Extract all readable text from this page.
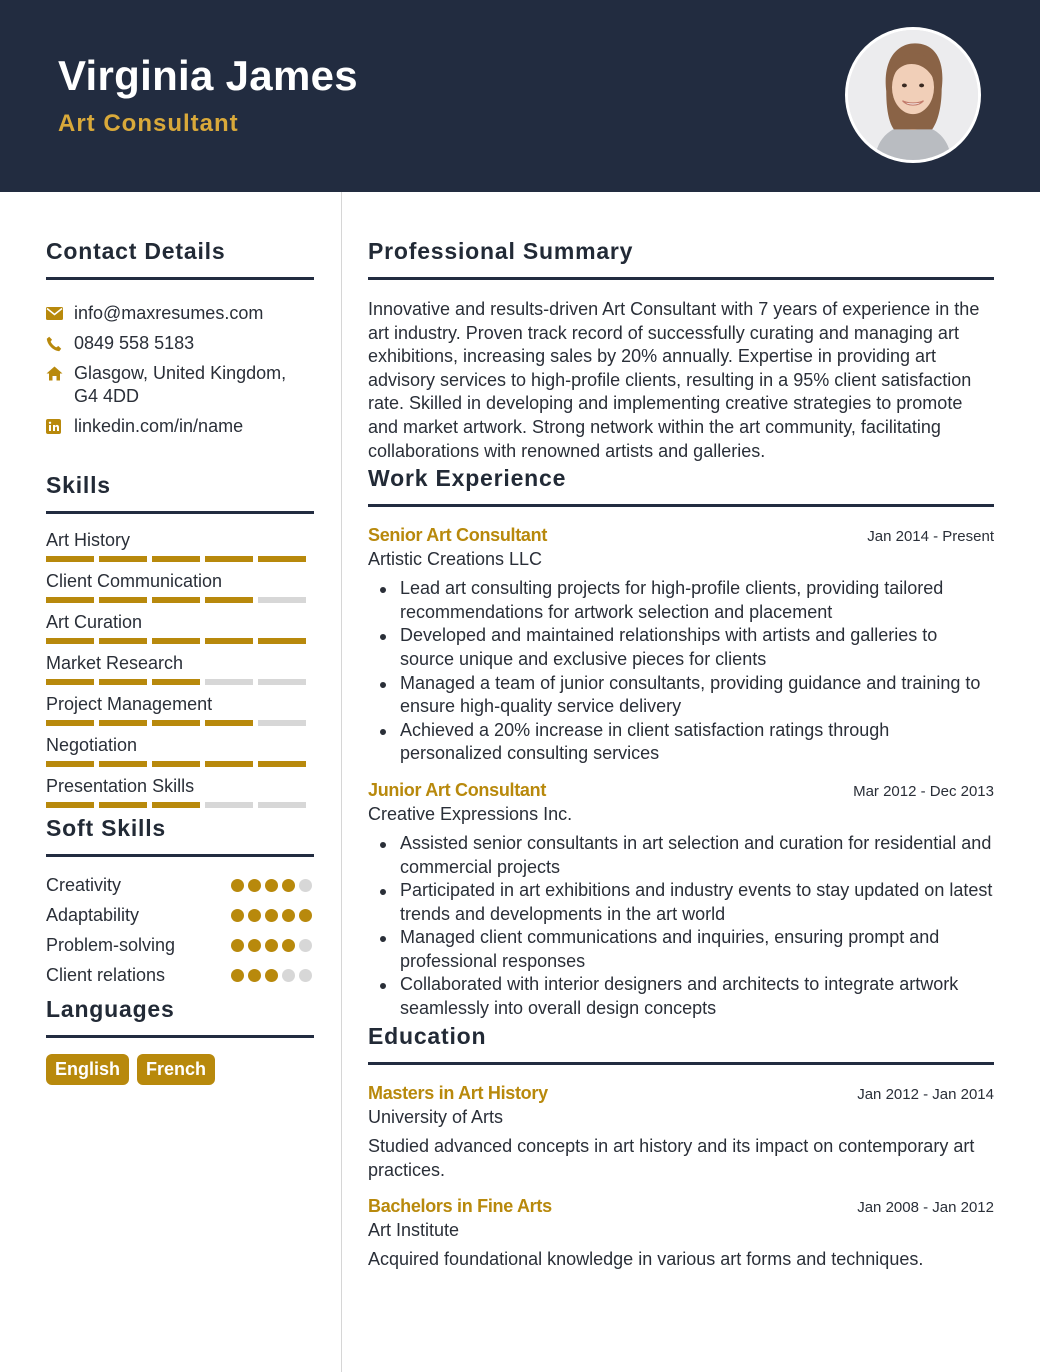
Virginia James
Art Consultant
Contact Details
info@maxresumes.com
0849 558 5183
Glasgow, United Kingdom, G4 4DD
linkedin.com/in/name
Skills
Art History
Client Communication
Art Curation
Market Research
Project Management
Negotiation
Presentation Skills
Soft Skills
Creativity
Adaptability
Problem-solving
Client relations
Languages
English	French
Professional Summary

Innovative and results-driven Art Consultant with 7 years of experience in the art industry. Proven track record of successfully curating and managing art exhibitions, increasing sales by 20% annually. Expertise in providing art advisory services to high-profile clients, resulting in a 95% client satisfaction rate. Skilled in developing and implementing creative strategies to promote and market artwork. Strong network within the art community, facilitating collaborations with renowned artists and galleries.

Work Experience
Senior Art Consultant	Jan 2014 - Present
Artistic Creations LLC
Lead art consulting projects for high-profile clients, providing tailored recommendations for artwork selection and placement
Developed and maintained relationships with artists and galleries to source unique and exclusive pieces for clients
Managed a team of junior consultants, providing guidance and training to ensure high-quality service delivery
Achieved a 20% increase in client satisfaction ratings through personalized consulting services
Junior Art Consultant	Mar 2012 - Dec 2013
Creative Expressions Inc.
Assisted senior consultants in art selection and curation for residential and commercial projects
Participated in art exhibitions and industry events to stay updated on latest trends and developments in the art world
Managed client communications and inquiries, ensuring prompt and professional responses
Collaborated with interior designers and architects to integrate artwork seamlessly into overall design concepts
Education
Masters in Art History	Jan 2012 - Jan 2014
University of Arts

Studied advanced concepts in art history and its impact on contemporary art practices.

Bachelors in Fine Arts	Jan 2008 - Jan 2012
Art Institute

Acquired foundational knowledge in various art forms and techniques.
